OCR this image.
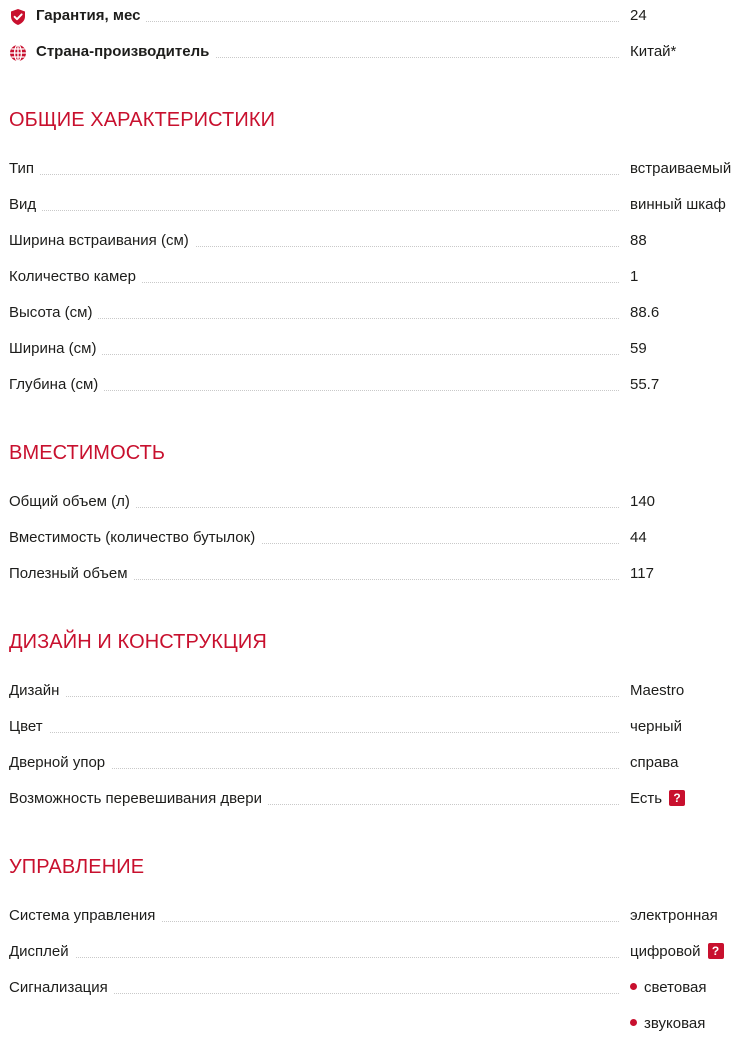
Гарантия, мес	24
Страна-производитель	Китай*
ОБЩИЕ ХАРАКТЕРИСТИКИ
Тип	встраиваемый
Вид	винный шкаф
Ширина встраивания (см)	88
Количество камер	1
Высота (см)	88.6
Ширина (см)	59
Глубина (см)	55.7
ВМЕСТИМОСТЬ
Общий объем (л)	140
Вместимость (количество бутылок)	44
Полезный объем	117
ДИЗАЙН И КОНСТРУКЦИЯ
Дизайн	Maestro
Цвет	черный
Дверной упор	справа
Возможность перевешивания двери	Есть ?
УПРАВЛЕНИЕ
Система управления	электронная
Дисплей	цифровой ?
Сигнализация	световая
звуковая
